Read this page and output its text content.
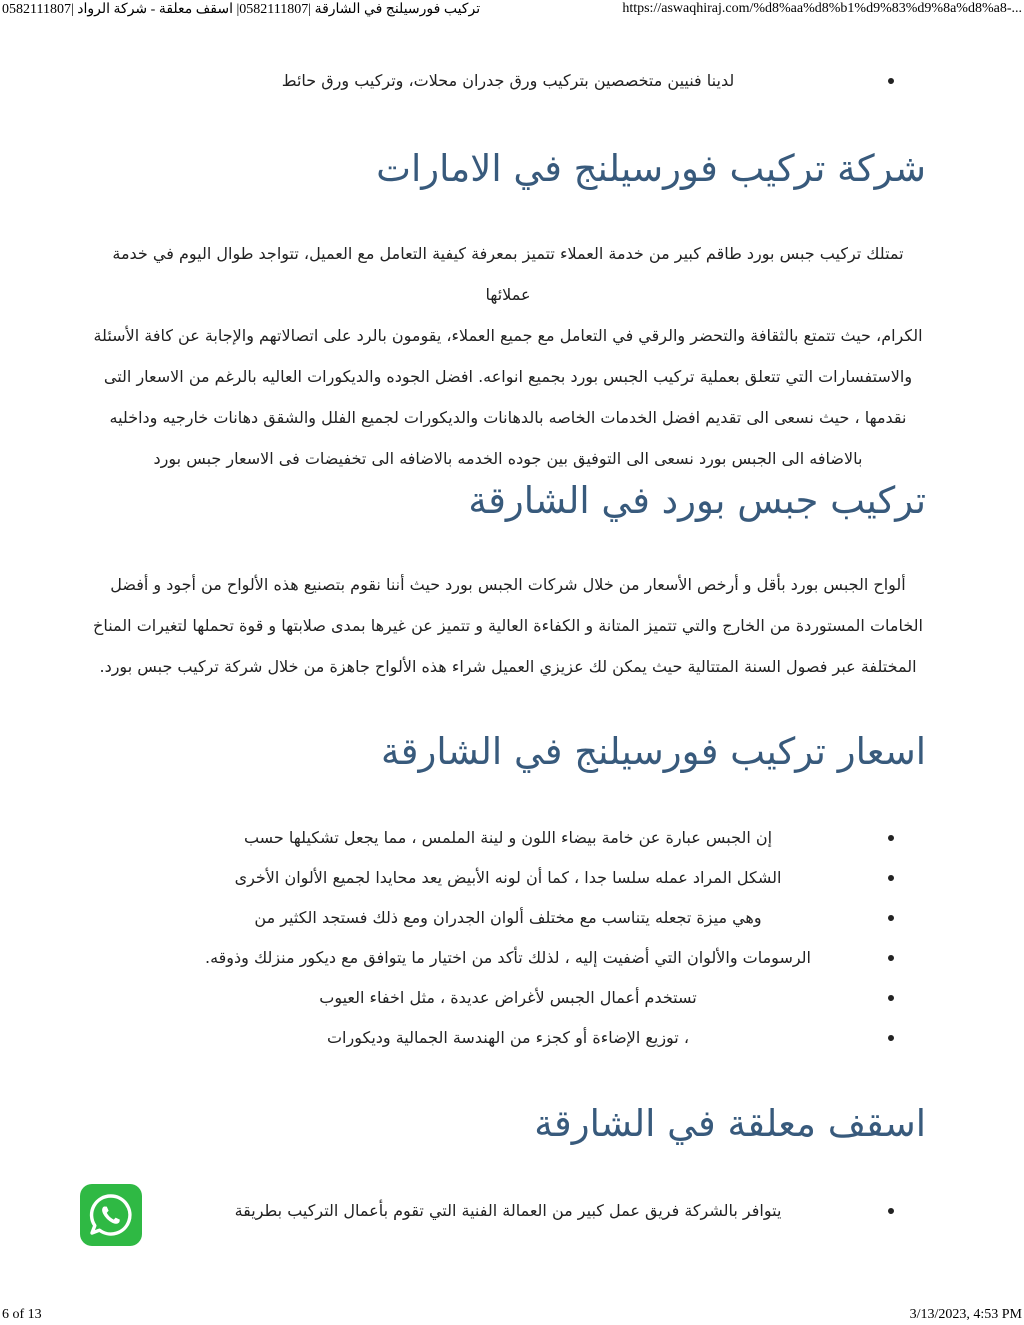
تركيب فورسيلنج في الشارقة |0582111807| اسقف معلقة - شركة الرواد |0582111807	https://aswaqhiraj.com/%d8%aa%d8%b1%d9%83%d9%8a%d8%a8-...
لدينا فنيين متخصصين بتركيب ورق جدران محلات، وتركيب ورق حائط
شركة تركيب فورسيلنج في الامارات

تمتلك تركيب جبس بورد طاقم كبير من خدمة العملاء تتميز بمعرفة كيفية التعامل مع العميل، تتواجد طوال اليوم في خدمة عملائها
الكرام، حيث تتمتع بالثقافة والتحضر والرقي في التعامل مع جميع العملاء، يقومون بالرد على اتصالاتهم والإجابة عن كافة الأسئلة
والاستفسارات التي تتعلق بعملية تركيب الجبس بورد بجميع انواعه. افضل الجوده والديكورات العاليه بالرغم من الاسعار التى
نقدمها ، حيث نسعى الى تقديم افضل الخدمات الخاصه بالدهانات والديكورات لجميع الفلل والشقق دهانات خارجيه وداخليه
بالاضافه الى الجبس بورد نسعى الى التوفيق بين جوده الخدمه بالاضافه الى تخفيضات فى الاسعار جبس بورد

تركيب جبس بورد في الشارقة

ألواح الجبس بورد بأقل و أرخص الأسعار من خلال شركات الجبس بورد حيث أننا نقوم بتصنيع هذه الألواح من أجود و أفضل
الخامات المستوردة من الخارج والتي تتميز المتانة و الكفاءة العالية و تتميز عن غيرها بمدى صلابتها و قوة تحملها لتغيرات المناخ
المختلفة عبر فصول السنة المتتالية حيث يمكن لك عزيزي العميل شراء هذه الألواح جاهزة من خلال شركة تركيب جبس بورد.

اسعار تركيب فورسيلنج في الشارقة
إن الجبس عبارة عن خامة بيضاء اللون و لينة الملمس ، مما يجعل تشكيلها حسب
الشكل المراد عمله سلسا جدا ، كما أن لونه الأبيض يعد محايدا لجميع الألوان الأخرى
وهي ميزة تجعله يتناسب مع مختلف ألوان الجدران ومع ذلك فستجد الكثير من
الرسومات والألوان التي أضفيت إليه ، لذلك تأكد من اختيار ما يتوافق مع ديكور منزلك وذوقه.
تستخدم أعمال الجبس لأغراض عديدة ، مثل اخفاء العيوب
، توزيع الإضاءة أو كجزء من الهندسة الجمالية وديكورات
اسقف معلقة في الشارقة
يتوافر بالشركة فريق عمل كبير من العمالة الفنية التي تقوم بأعمال التركيب بطريقة
6 of 13	3/13/2023, 4:53 PM
